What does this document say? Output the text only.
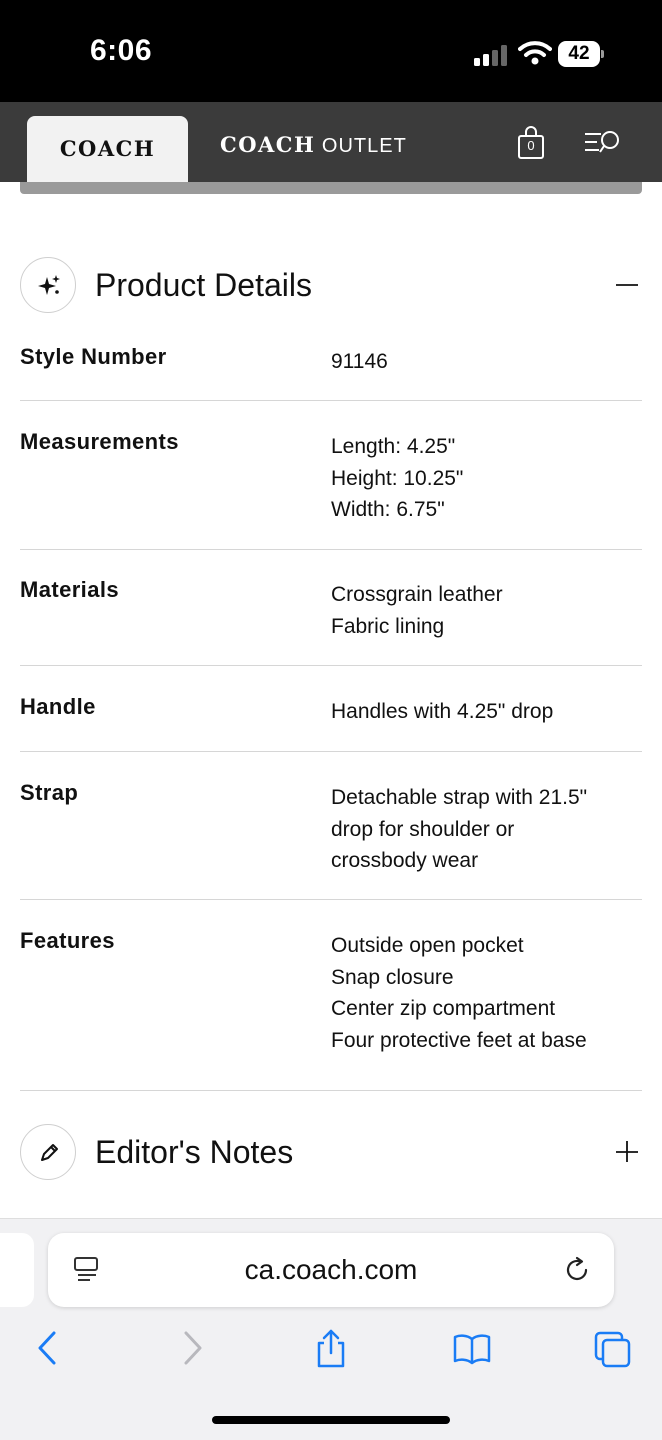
6:06	42
COACH	COACH OUTLET	0
Product Details
Style Number	91146
Measurements	Length: 4.25"
Height: 10.25"
Width: 6.75"
Materials	Crossgrain leather
Fabric lining
Handle	Handles with 4.25" drop
Strap	Detachable strap with 21.5"
drop for shoulder or
crossbody wear
Features	Outside open pocket
Snap closure
Center zip compartment
Four protective feet at base
Editor's Notes
ca.coach.com
